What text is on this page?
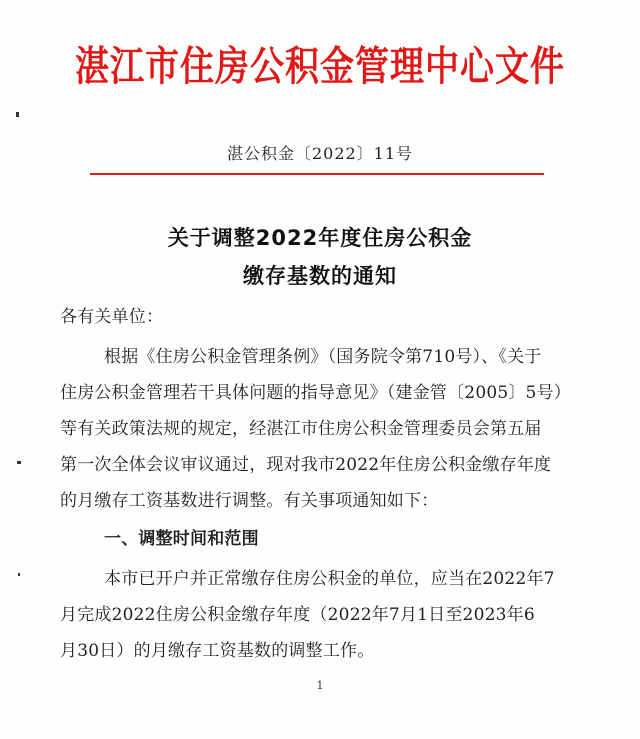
湛江市住房公积金管理中心文件
湛公积金〔2022〕11号
关于调整2022年度住房公积金
缴存基数的通知
各有关单位：
根据《住房公积金管理条例》（国务院令第710号）、《关于
住房公积金管理若干具体问题的指导意见》（建金管〔2005〕5号）
等有关政策法规的规定，经湛江市住房公积金管理委员会第五届
第一次全体会议审议通过，现对我市2022年住房公积金缴存年度
的月缴存工资基数进行调整。有关事项通知如下：
一、调整时间和范围
本市已开户并正常缴存住房公积金的单位，应当在2022年7
月完成2022住房公积金缴存年度（2022年7月1日至2023年6
月30日）的月缴存工资基数的调整工作。
1
